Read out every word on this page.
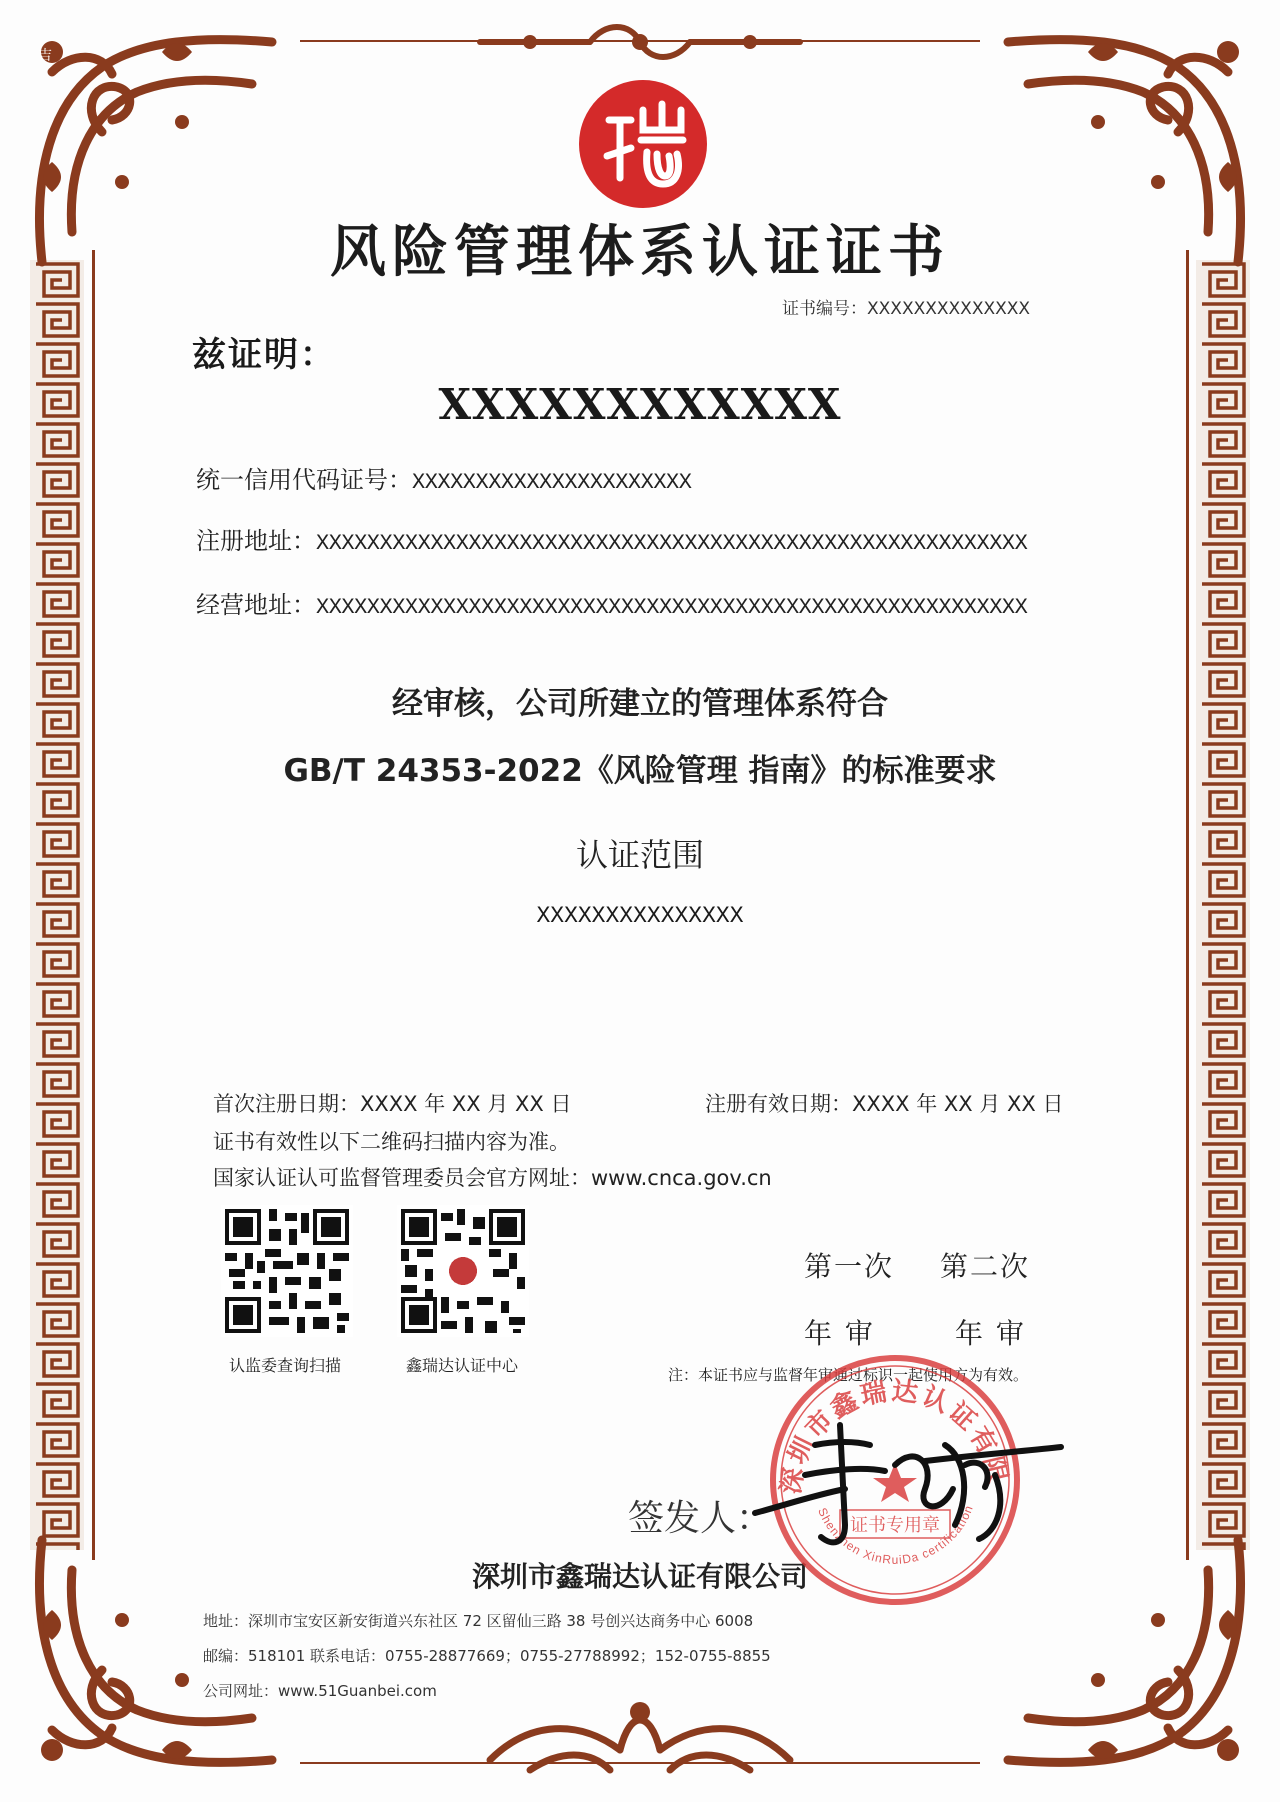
吉
风险管理体系认证证书
证书编号：XXXXXXXXXXXXXX
兹证明：
XXXXXXXXXXXX
统一信用代码证号：XXXXXXXXXXXXXXXXXXXXXX
注册地址：XXXXXXXXXXXXXXXXXXXXXXXXXXXXXXXXXXXXXXXXXXXXXXXXXXXXXXXX
经营地址：XXXXXXXXXXXXXXXXXXXXXXXXXXXXXXXXXXXXXXXXXXXXXXXXXXXXXXXX
经审核，公司所建立的管理体系符合
GB/T 24353-2022《风险管理 指南》的标准要求
认证范围
XXXXXXXXXXXXXXX
首次注册日期：XXXX 年 XX 月 XX 日	注册有效日期：XXXX 年 XX 月 XX 日
证书有效性以下二维码扫描内容为准。
国家认证认可监督管理委员会官方网址：www.cnca.gov.cn
认监委查询扫描	鑫瑞达认证中心
第一次 第二次
年 审	年 审
注：本证书应与监督年审通过标识一起使用方为有效。
签发人：
深圳市鑫瑞达认证有限公司
深圳市鑫瑞达认证有限
Shenzhen XinRuiDa certification
证书专用章
地址：深圳市宝安区新安街道兴东社区 72 区留仙三路 38 号创兴达商务中心 6008
邮编：518101 联系电话：0755-28877669；0755-27788992；152-0755-8855
公司网址：www.51Guanbei.com
